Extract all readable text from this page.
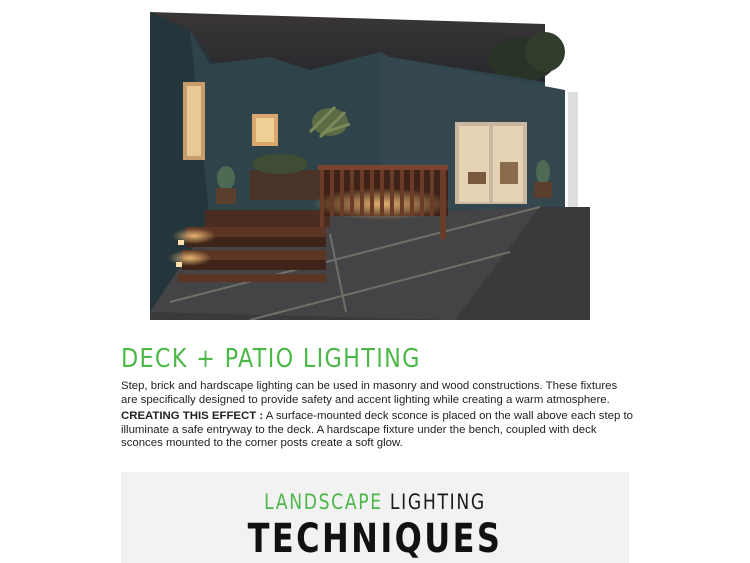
DECK + PATIO LIGHTING

Step, brick and hardscape lighting can be used in masonry and wood constructions. These fixtures are specifically designed to provide safety and accent lighting while creating a warm atmosphere.

CREATING THIS EFFECT : A surface-mounted deck sconce is placed on the wall above each step to illuminate a safe entryway to the deck. A hardscape fixture under the bench, coupled with deck sconces mounted to the corner posts create a soft glow.

LANDSCAPE LIGHTING
TECHNIQUES
